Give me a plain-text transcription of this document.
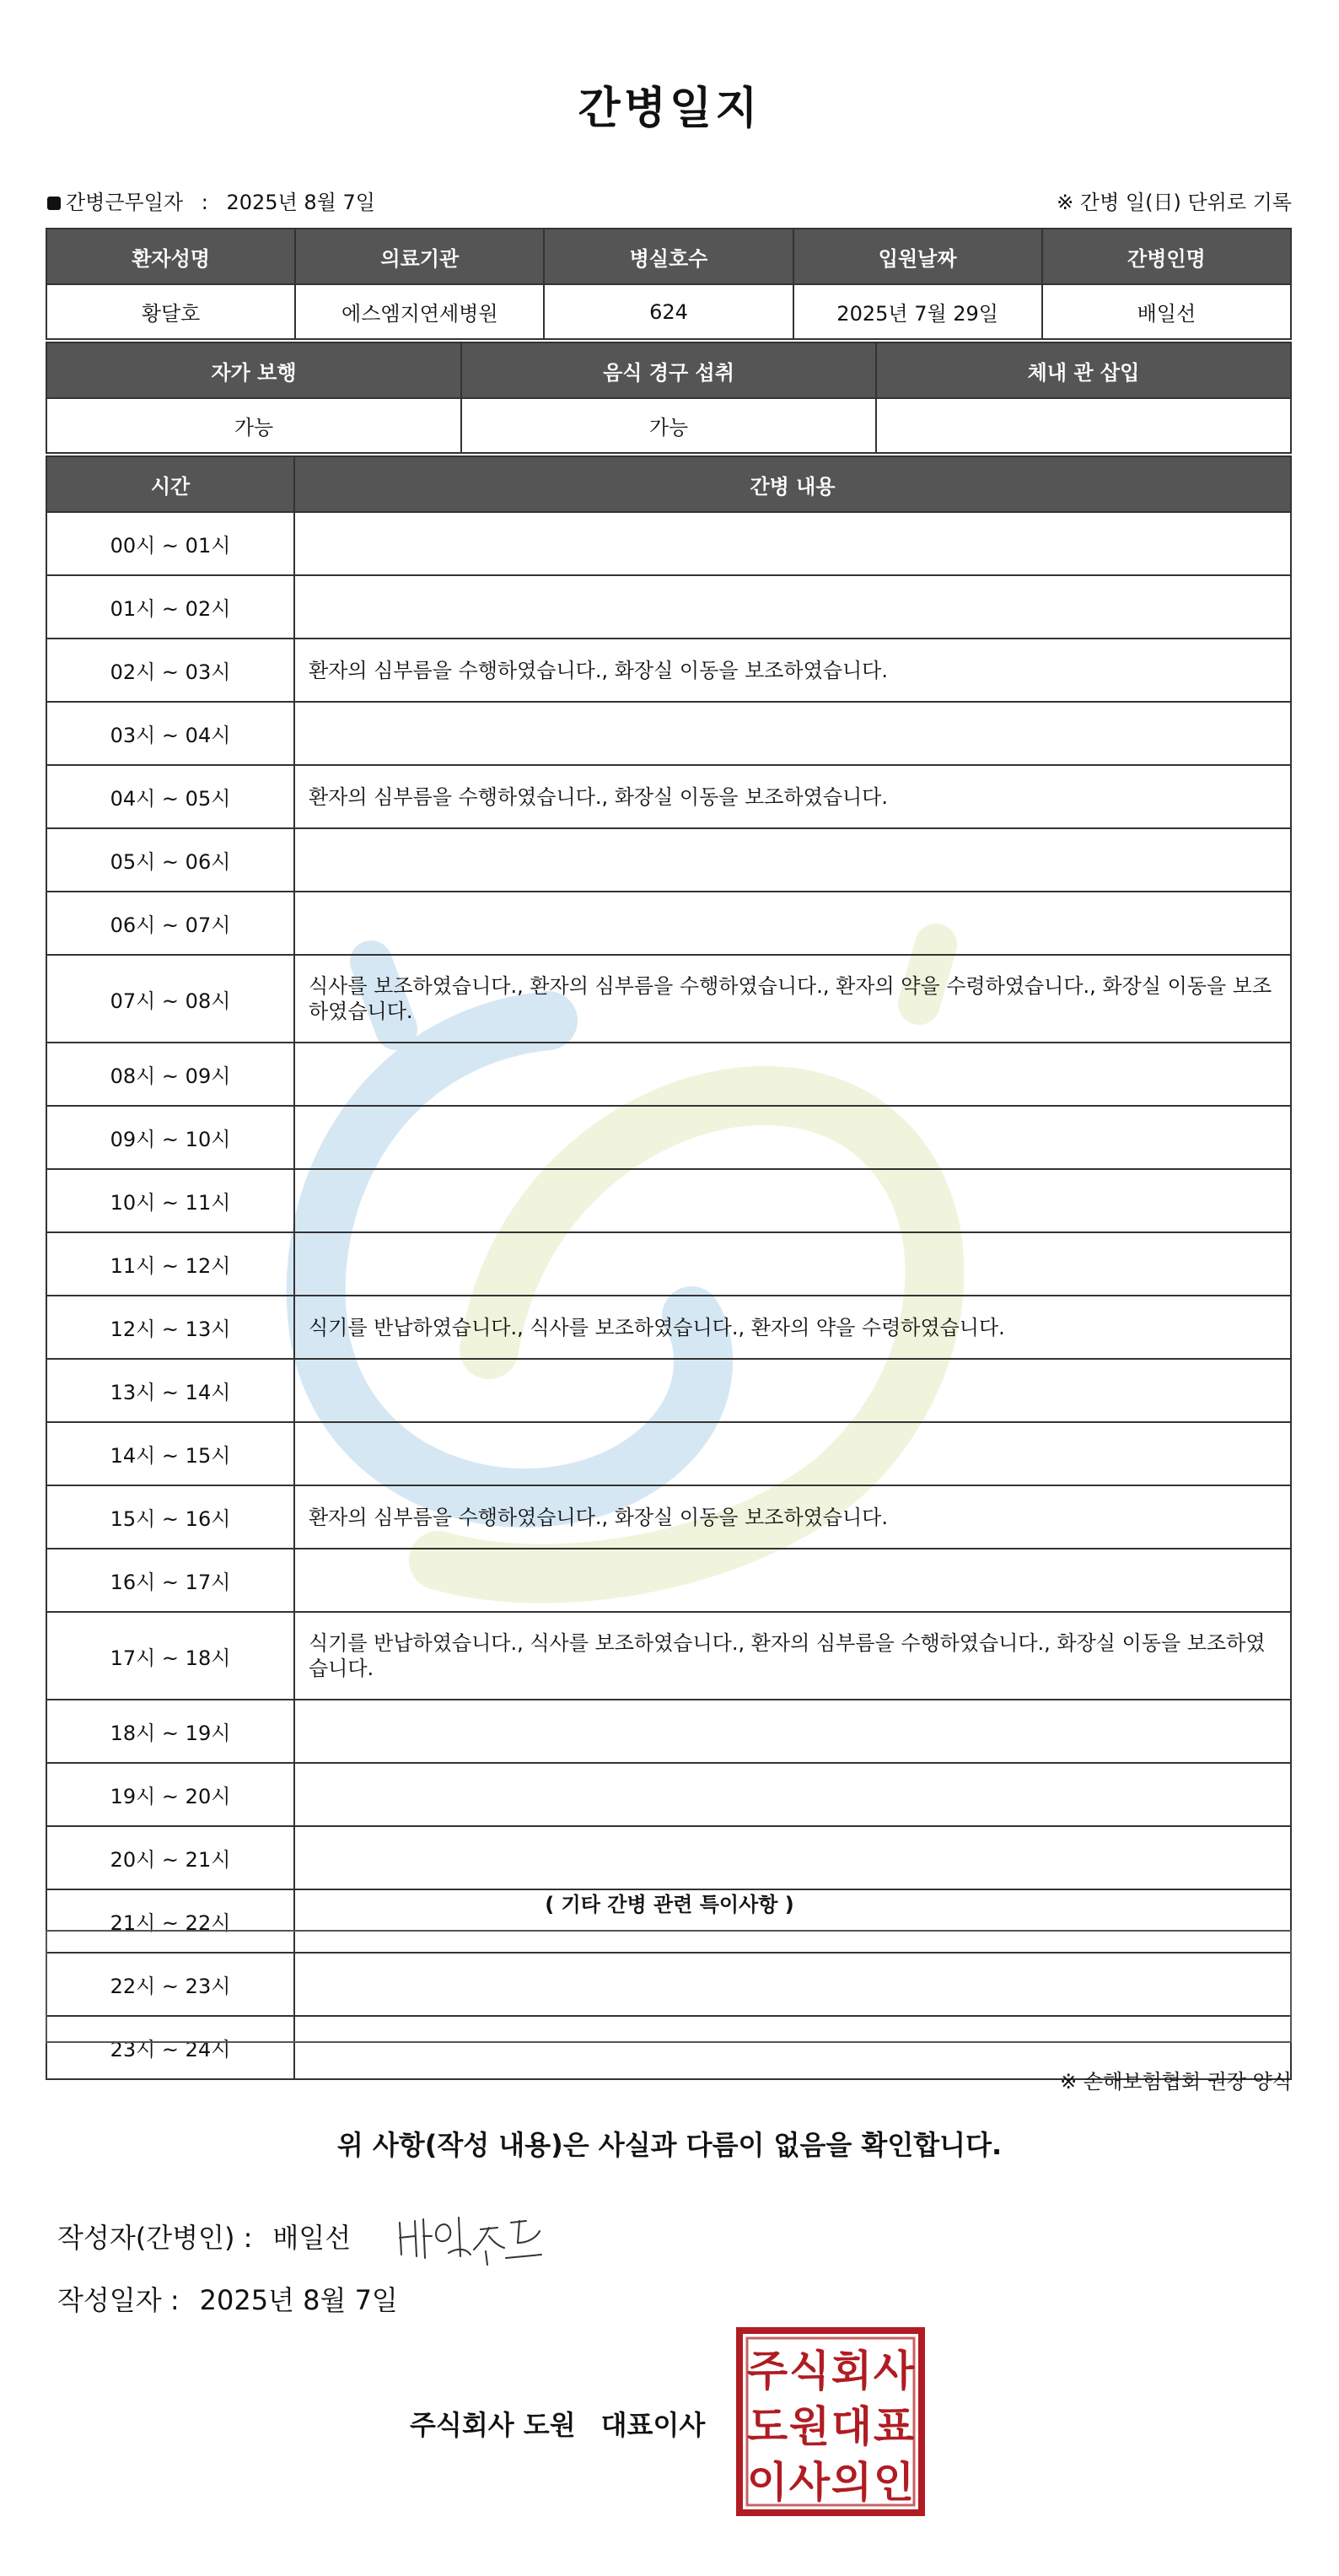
간병일지
간병근무일자 : 2025년 8월 7일	※ 간병 일(日) 단위로 기록
환자성명	의료기관	병실호수	입원날짜	간병인명
황달호	에스엠지연세병원	624	2025년 7월 29일	배일선
자가 보행	음식 경구 섭취	체내 관 삽입
가능	가능	
시간	간병 내용
00시 ~ 01시	
01시 ~ 02시	
02시 ~ 03시	환자의 심부름을 수행하였습니다., 화장실 이동을 보조하였습니다.
03시 ~ 04시	
04시 ~ 05시	환자의 심부름을 수행하였습니다., 화장실 이동을 보조하였습니다.
05시 ~ 06시	
06시 ~ 07시	
07시 ~ 08시	식사를 보조하였습니다., 환자의 심부름을 수행하였습니다., 환자의 약을 수령하였습니다., 화장실 이동을 보조하였습니다.
08시 ~ 09시	
09시 ~ 10시	
10시 ~ 11시	
11시 ~ 12시	
12시 ~ 13시	식기를 반납하였습니다., 식사를 보조하였습니다., 환자의 약을 수령하였습니다.
13시 ~ 14시	
14시 ~ 15시	
15시 ~ 16시	환자의 심부름을 수행하였습니다., 화장실 이동을 보조하였습니다.
16시 ~ 17시	
17시 ~ 18시	식기를 반납하였습니다., 식사를 보조하였습니다., 환자의 심부름을 수행하였습니다., 화장실 이동을 보조하였습니다.
18시 ~ 19시	
19시 ~ 20시	
20시 ~ 21시	
21시 ~ 22시	
22시 ~ 23시	
23시 ~ 24시	
( 기타 간병 관련 특이사항 )
※ 손해보험협회 권장 양식
위 사항(작성 내용)은 사실과 다름이 없음을 확인합니다.
작성자(간병인) : 배일선
작성일자 : 2025년 8월 7일
주식회사 도원 대표이사
주 식 회 사
도 원 대 표
이 사 의 인
